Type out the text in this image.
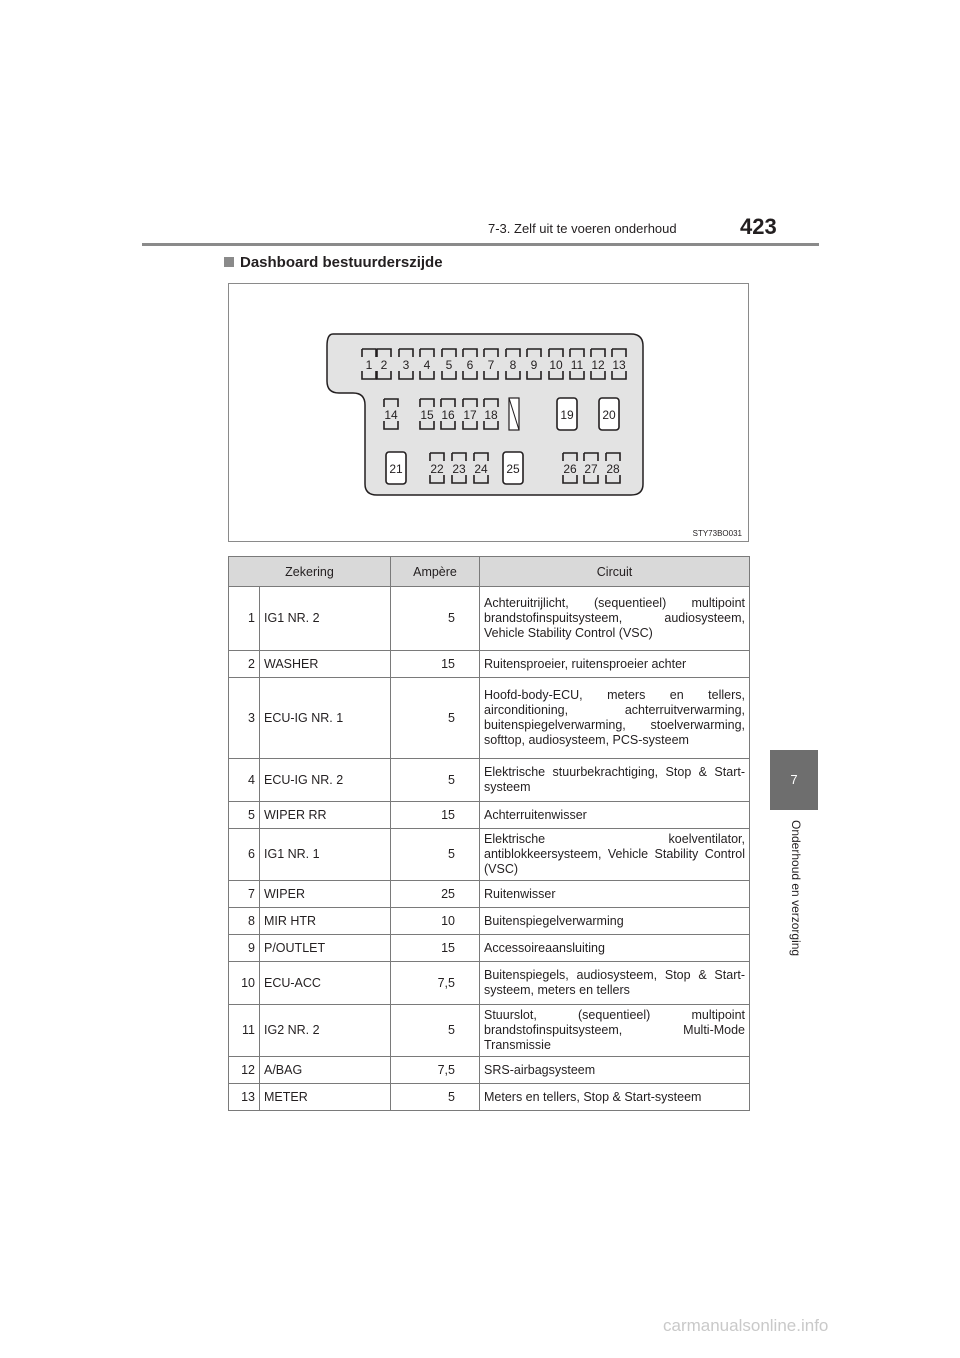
7-3. Zelf uit te voeren onderhoud	423
Dashboard bestuurderszijde
7
Onderhoud en verzorging
1 2 3 4 5 6 7 8 9 10 11 12 13
14 15 16 17 18	19 20
22 23 24	26 27 28
21	25
STY73BO031
Zekering		Ampère	Circuit
1	IG1 NR. 2	5	Achteruitrijlicht, (sequentieel) multipoint brandstofinspuitsysteem, audiosysteem, Vehicle Stability Control (VSC)
2	WASHER	15	Ruitensproeier, ruitensproeier achter
3	ECU-IG NR. 1	5	Hoofd-body-ECU, meters en tellers, airconditioning, achterruitverwarming, buitenspiegelverwarming, stoelverwarming, softtop, audiosysteem, PCS-systeem
4	ECU-IG NR. 2	5	Elektrische stuurbekrachtiging, Stop & Start-systeem
5	WIPER RR	15	Achterruitenwisser
6	IG1 NR. 1	5	Elektrische koelventilator, antiblokkeersysteem, Vehicle Stability Control (VSC)
7	WIPER	25	Ruitenwisser
8	MIR HTR	10	Buitenspiegelverwarming
9	P/OUTLET	15	Accessoireaansluiting
10	ECU-ACC	7,5	Buitenspiegels, audiosysteem, Stop & Start-systeem, meters en tellers
11	IG2 NR. 2	5	Stuurslot, (sequentieel) multipoint brandstofinspuitsysteem, Multi-Mode Transmissie
12	A/BAG	7,5	SRS-airbagsysteem
13	METER	5	Meters en tellers, Stop & Start-systeem
carmanualsonline.info
